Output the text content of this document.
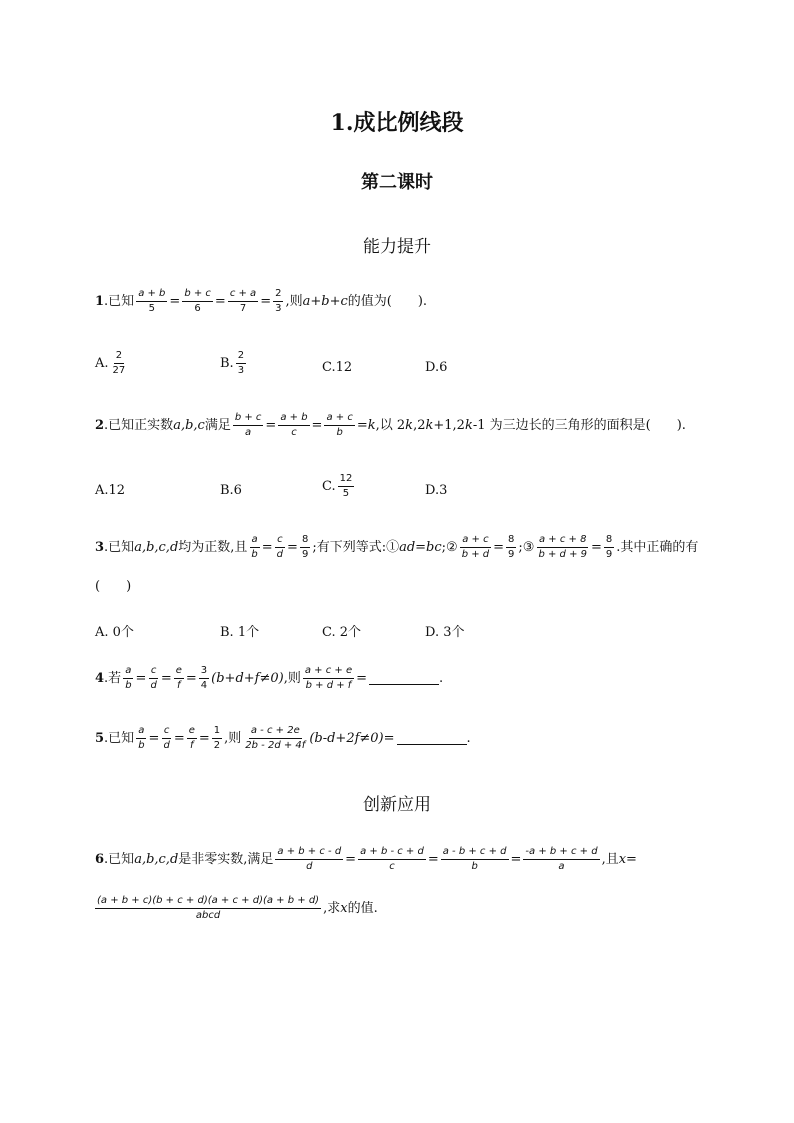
1.成比例线段
第二课时
能力提升
1 .已知 $\frac{a + b}{5} = \frac{b + c}{6} = \frac{c + a}{7} = \frac{2}{3}$ ,则 a+b+c 的值为(　　).
A. $\frac{2}{27}$	B. $\frac{2}{3}$	C.12	D.6
2 .已知正实数 a,b,c 满足 $\frac{b + c}{a} = \frac{a + b}{c} = \frac{a + c}{b} = k$ ,以 2 k ,2 k +1,2 k -1 为三边长的三角形的面积是(　　).
A.12	B.6	C. $\frac{12}{5}$	D.3
3 .已知 a,b,c,d 均为正数,且 $\frac{a}{b} = \frac{c}{d} = \frac{8}{9}$ ;有下列等式:① ad=bc ;② $\frac{a + c}{b + d} = \frac{8}{9}$ ;③ $\frac{a + c + 8}{b + d + 9} = \frac{8}{9}$ .其中正确的有
(　　)
A. 0个	B. 1个	C. 2个	D. 3个
4 .若 $\frac{a}{b} = \frac{c}{d} = \frac{e}{f} = \frac{3}{4} (b+d+f\ne 0)$ ,则 $\frac{a + c + e}{b + d + f}$ =	.
5 .已知 $\frac{a}{b} = \frac{c}{d} = \frac{e}{f} = \frac{1}{2}$ ,则 $\frac{a - c + 2e}{2b - 2d + 4f} (b-d+2f\ne 0)$ =	.
创新应用
6 .已知 a,b,c,d 是非零实数,满足 $\frac{a + b + c - d}{d} = \frac{a + b - c + d}{c} = \frac{a - b + c + d}{b} = \frac{-a + b + c + d}{a}$ ,且 x=
$\frac{(a + b + c)(b + c + d)(a + c + d)(a + b + d)}{\text{abcd}}$ ,求 x 的值.
